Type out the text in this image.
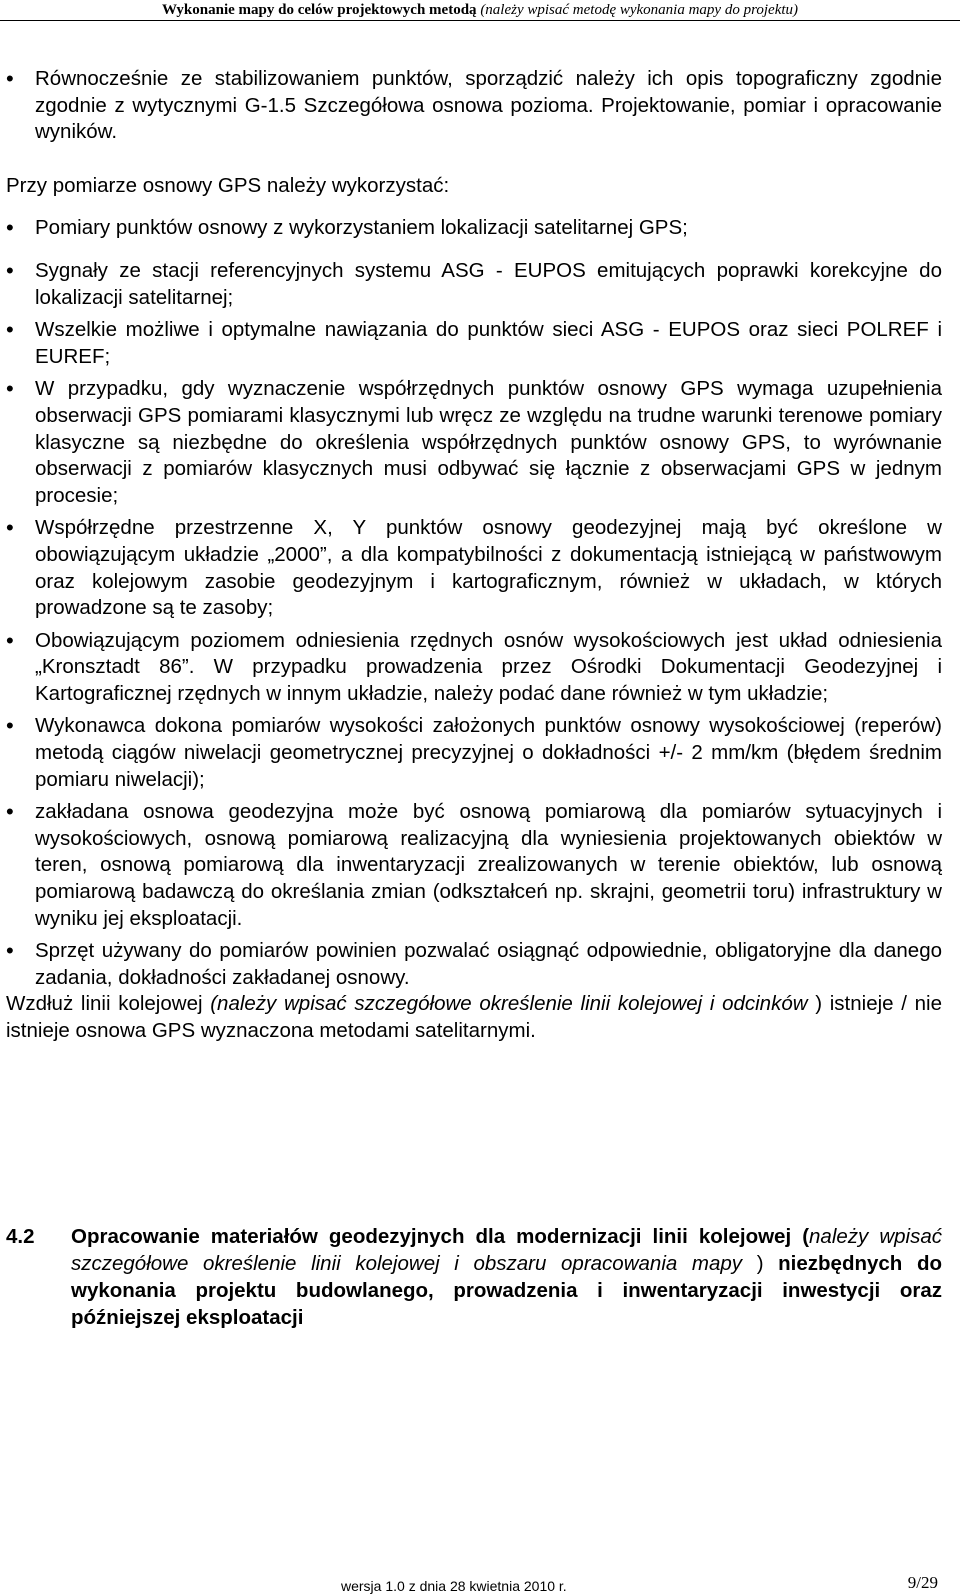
Wykonanie mapy do celów projektowych metodą (należy wpisać metodę wykonania mapy do projektu)
• Równocześnie ze stabilizowaniem punktów, sporządzić należy ich opis topograficzny zgodnie zgodnie z wytycznymi G-1.5 Szczegółowa osnowa pozioma. Projektowanie, pomiar i opracowanie wyników.
Przy pomiarze osnowy GPS należy wykorzystać:
• Pomiary punktów osnowy z wykorzystaniem lokalizacji satelitarnej GPS;
• Sygnały ze stacji referencyjnych systemu ASG - EUPOS emitujących poprawki korekcyjne do lokalizacji satelitarnej;
• Wszelkie możliwe i optymalne nawiązania do punktów sieci ASG - EUPOS oraz sieci POLREF i EUREF;
• W przypadku, gdy wyznaczenie współrzędnych punktów osnowy GPS wymaga uzupełnienia obserwacji GPS pomiarami klasycznymi lub wręcz ze względu na trudne warunki terenowe pomiary klasyczne są niezbędne do określenia współrzędnych punktów osnowy GPS, to wyrównanie obserwacji z pomiarów klasycznych musi odbywać się łącznie z obserwacjami GPS w jednym procesie;
• Współrzędne przestrzenne X, Y punktów osnowy geodezyjnej mają być określone w obowiązującym układzie „2000”, a dla kompatybilności z dokumentacją istniejącą w państwowym oraz kolejowym zasobie geodezyjnym i kartograficznym, również w układach, w których prowadzone są te zasoby;
• Obowiązującym poziomem odniesienia rzędnych osnów wysokościowych jest układ odniesienia „Kronsztadt 86”. W przypadku prowadzenia przez Ośrodki Dokumentacji Geodezyjnej i Kartograficznej rzędnych w innym układzie, należy podać dane również w tym układzie;
• Wykonawca dokona pomiarów wysokości założonych punktów osnowy wysokościowej (reperów) metodą ciągów niwelacji geometrycznej precyzyjnej o dokładności +/- 2 mm/km (błędem średnim pomiaru niwelacji);
• zakładana osnowa geodezyjna może być osnową pomiarową dla pomiarów sytuacyjnych i wysokościowych, osnową pomiarową realizacyjną dla wyniesienia projektowanych obiektów w teren, osnową pomiarową dla inwentaryzacji zrealizowanych w terenie obiektów, lub osnową pomiarową badawczą do określania zmian (odkształceń np. skrajni, geometrii toru) infrastruktury w wyniku jej eksploatacji.
• Sprzęt używany do pomiarów powinien pozwalać osiągnąć odpowiednie, obligatoryjne dla danego zadania, dokładności zakładanej osnowy.
Wzdłuż linii kolejowej (należy wpisać szczegółowe określenie linii kolejowej i odcinków ) istnieje / nie istnieje osnowa GPS wyznaczona metodami satelitarnymi.
4.2 Opracowanie materiałów geodezyjnych dla modernizacji linii kolejowej (należy wpisać szczegółowe określenie linii kolejowej i obszaru opracowania mapy ) niezbędnych do wykonania projektu budowlanego, prowadzenia i inwentaryzacji inwestycji oraz późniejszej eksploatacji
wersja 1.0 z dnia 28 kwietnia 2010 r.	9/29
